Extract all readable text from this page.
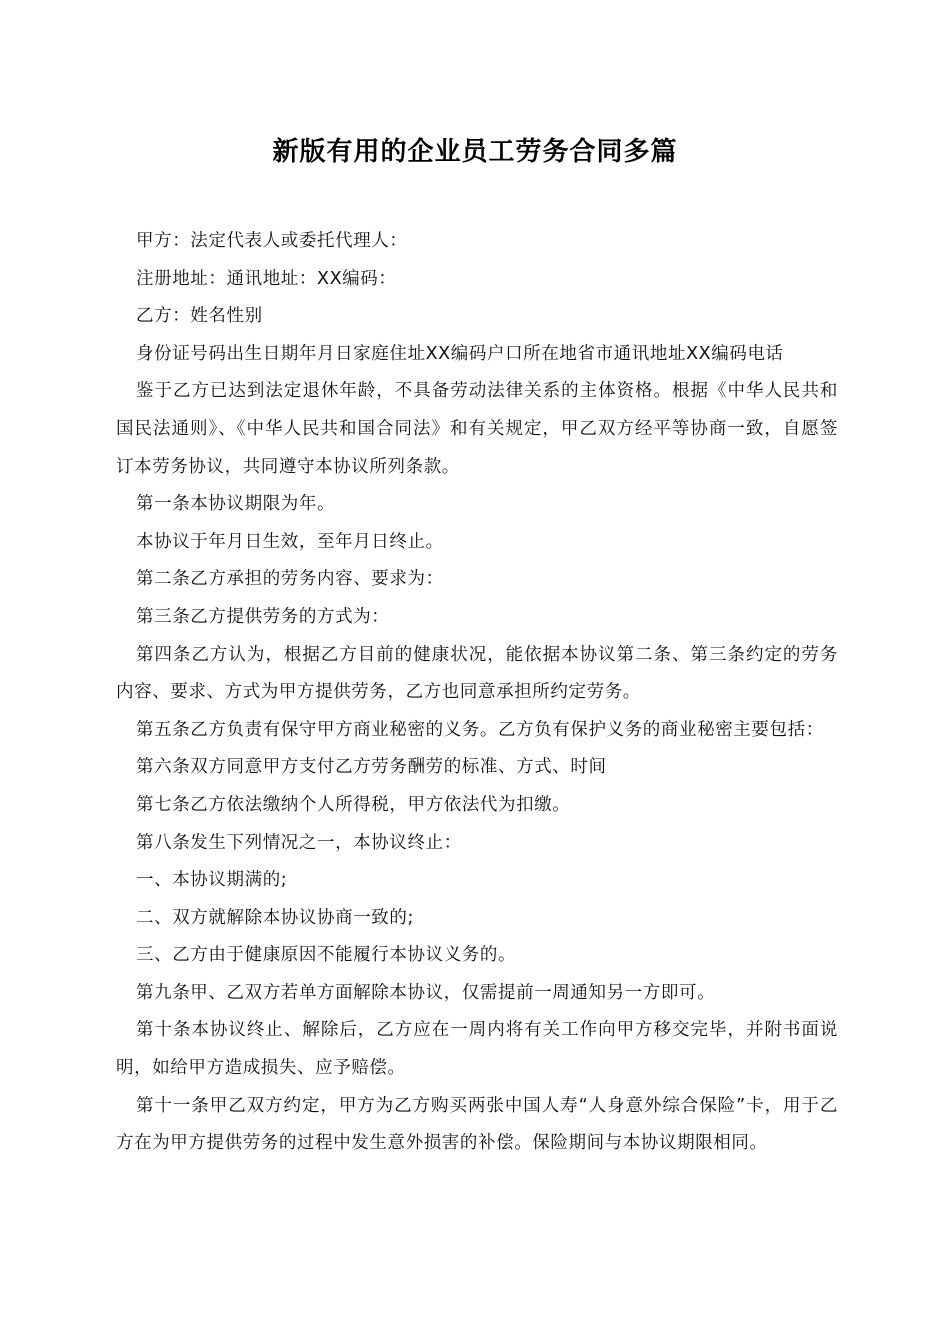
新版有用的企业员工劳务合同多篇

甲方：法定代表人或委托代理人：

注册地址：通讯地址：XX编码：

乙方：姓名性别

身份证号码出生日期年月日家庭住址XX编码户口所在地省市通讯地址XX编码电话

鉴于乙方已达到法定退休年龄，不具备劳动法律关系的主体资格。根据《中华人民共和国民法通则》、《中华人民共和国合同法》和有关规定，甲乙双方经平等协商一致，自愿签订本劳务协议，共同遵守本协议所列条款。

第一条本协议期限为年。

本协议于年月日生效，至年月日终止。

第二条乙方承担的劳务内容、要求为：

第三条乙方提供劳务的方式为：

第四条乙方认为，根据乙方目前的健康状况，能依据本协议第二条、第三条约定的劳务内容、要求、方式为甲方提供劳务，乙方也同意承担所约定劳务。

第五条乙方负责有保守甲方商业秘密的义务。乙方负有保护义务的商业秘密主要包括：

第六条双方同意甲方支付乙方劳务酬劳的标准、方式、时间

第七条乙方依法缴纳个人所得税，甲方依法代为扣缴。

第八条发生下列情况之一，本协议终止：

一、本协议期满的;

二、双方就解除本协议协商一致的;

三、乙方由于健康原因不能履行本协议义务的。

第九条甲、乙双方若单方面解除本协议，仅需提前一周通知另一方即可。

第十条本协议终止、解除后，乙方应在一周内将有关工作向甲方移交完毕，并附书面说明，如给甲方造成损失、应予赔偿。

第十一条甲乙双方约定，甲方为乙方购买两张中国人寿“人身意外综合保险”卡，用于乙方在为甲方提供劳务的过程中发生意外损害的补偿。保险期间与本协议期限相同。
